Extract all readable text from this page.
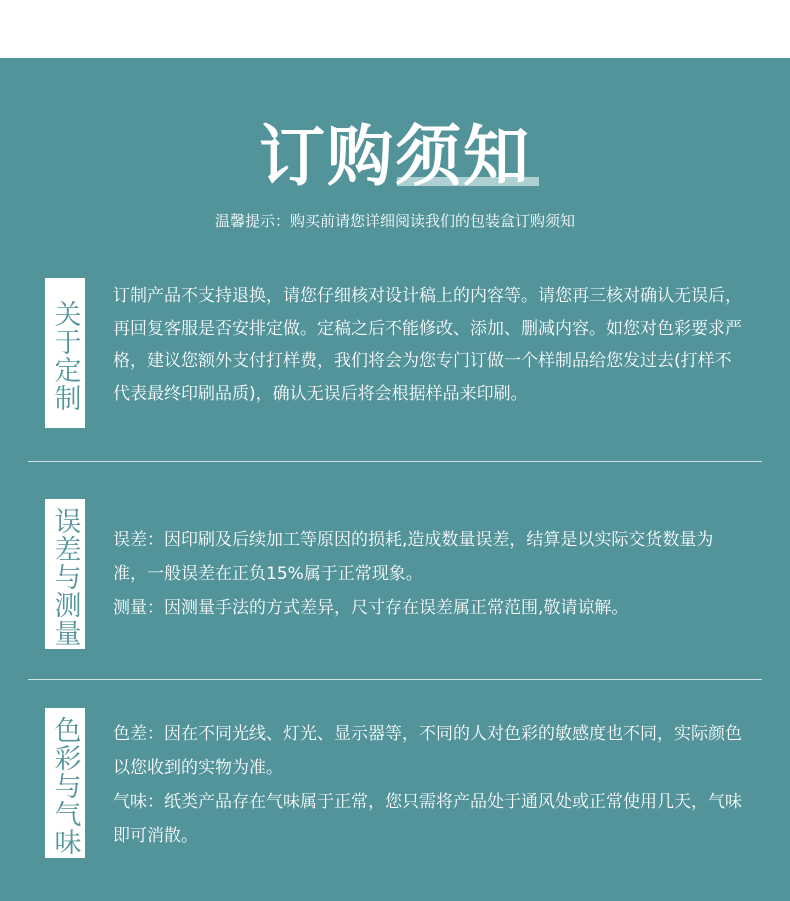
订购须知
温馨提示：购买前请您详细阅读我们的包装盒订购须知
关于定制

订制产品不支持退换，请您仔细核对设计稿上的内容等。请您再三核对确认无误后，再回复客服是否安排定做。定稿之后不能修改、添加、删减内容。如您对色彩要求严格，建议您额外支付打样费，我们将会为您专门订做一个样制品给您发过去(打样不代表最终印刷品质)，确认无误后将会根据样品来印刷。

误差与测量 误差：因印刷及后续加工等原因的损耗,造成数量误差，结算是以实际交货数量为准，一般误差在正负15%属于正常现象。

测量：因测量手法的方式差异，尺寸存在误差属正常范围,敬请谅解。

色彩与气味 色差：因在不同光线、灯光、显示器等，不同的人对色彩的敏感度也不同，实际颜色以您收到的实物为准。

气味：纸类产品存在气味属于正常，您只需将产品处于通风处或正常使用几天，气味即可消散。
